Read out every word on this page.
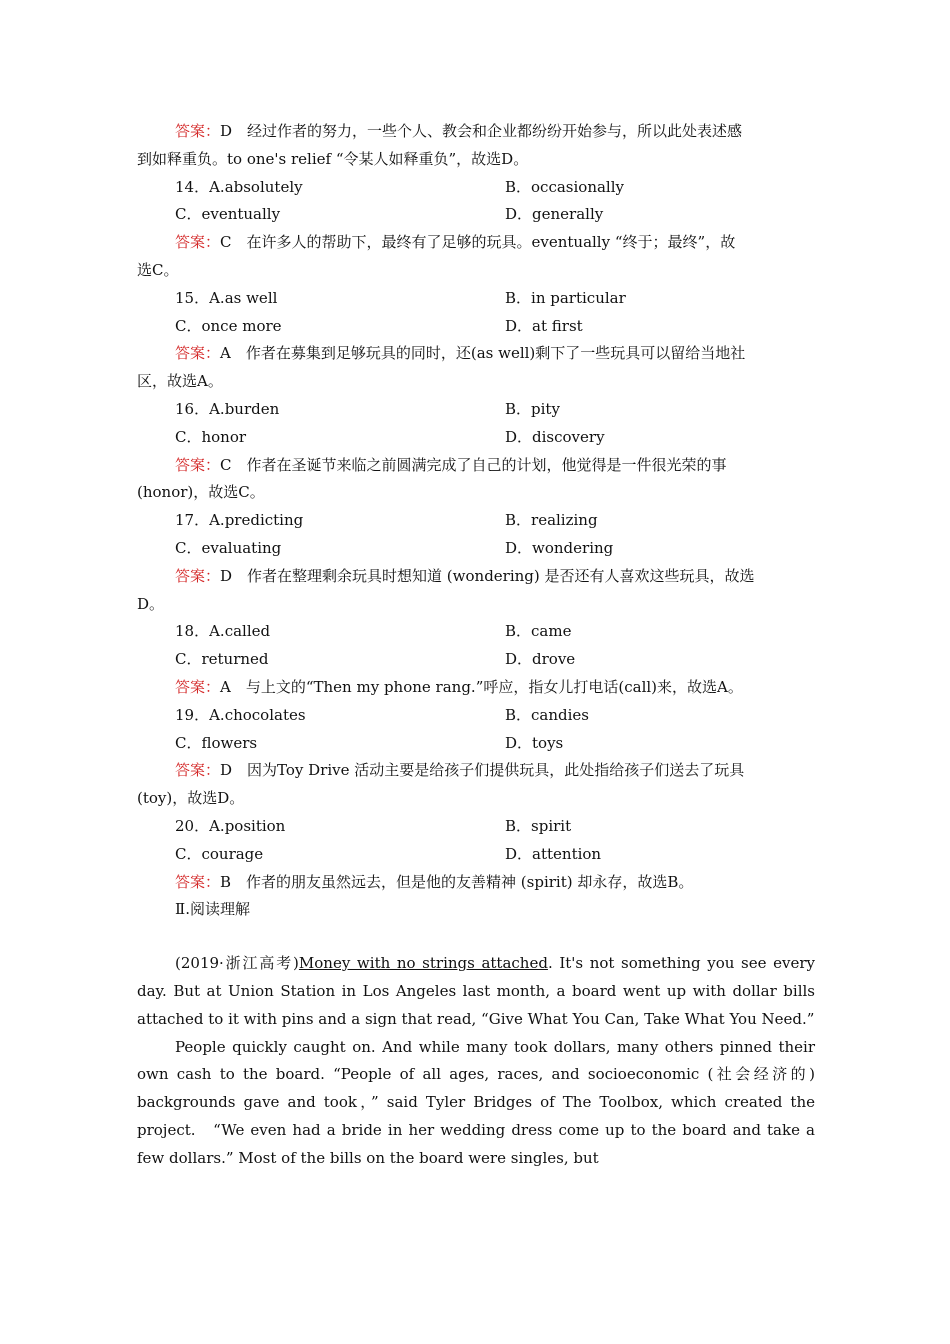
答案：D　经过作者的努力，一些个人、教会和企业都纷纷开始参与，所以此处表述感
到如释重负。to one's relief “令某人如释重负”，故选D。
14．A.absolutely	B．occasionally
C．eventually	D．generally
答案：C　在许多人的帮助下，最终有了足够的玩具。eventually “终于；最终”，故
选C。
15．A.as well	B．in particular
C．once more	D．at first
答案：A　作者在募集到足够玩具的同时，还(as well)剩下了一些玩具可以留给当地社
区，故选A。
16．A.burden	B．pity
C．honor	D．discovery
答案：C　作者在圣诞节来临之前圆满完成了自己的计划，他觉得是一件很光荣的事
(honor)，故选C。
17．A.predicting	B．realizing
C．evaluating	D．wondering
答案：D　作者在整理剩余玩具时想知道 (wondering) 是否还有人喜欢这些玩具，故选
D。
18．A.called	B．came
C．returned	D．drove
答案：A　与上文的“Then my phone rang.”呼应，指女儿打电话(call)来，故选A。
19．A.chocolates	B．candies
C．flowers	D．toys
答案：D　因为Toy Drive 活动主要是给孩子们提供玩具，此处指给孩子们送去了玩具
(toy)，故选D。
20．A.position	B．spirit
C．courage	D．attention
答案：B　作者的朋友虽然远去，但是他的友善精神 (spirit) 却永存，故选B。
Ⅱ.阅读理解

(2019·浙江高考)Money with no strings attached. It's not something you see every day. But at Union Station in Los Angeles last month, a board went up with dollar bills attached to it with pins and a sign that read, “Give What You Can, Take What You Need.”

People quickly caught on. And while many took dollars, many others pinned their own cash to the board. “People of all ages, races, and socioeconomic (社会经济的) backgrounds gave and took，” said Tyler Bridges of The Toolbox, which created the project.　“We even had a bride in her wedding dress come up to the board and take a few dollars.” Most of the bills on the board were singles, but
